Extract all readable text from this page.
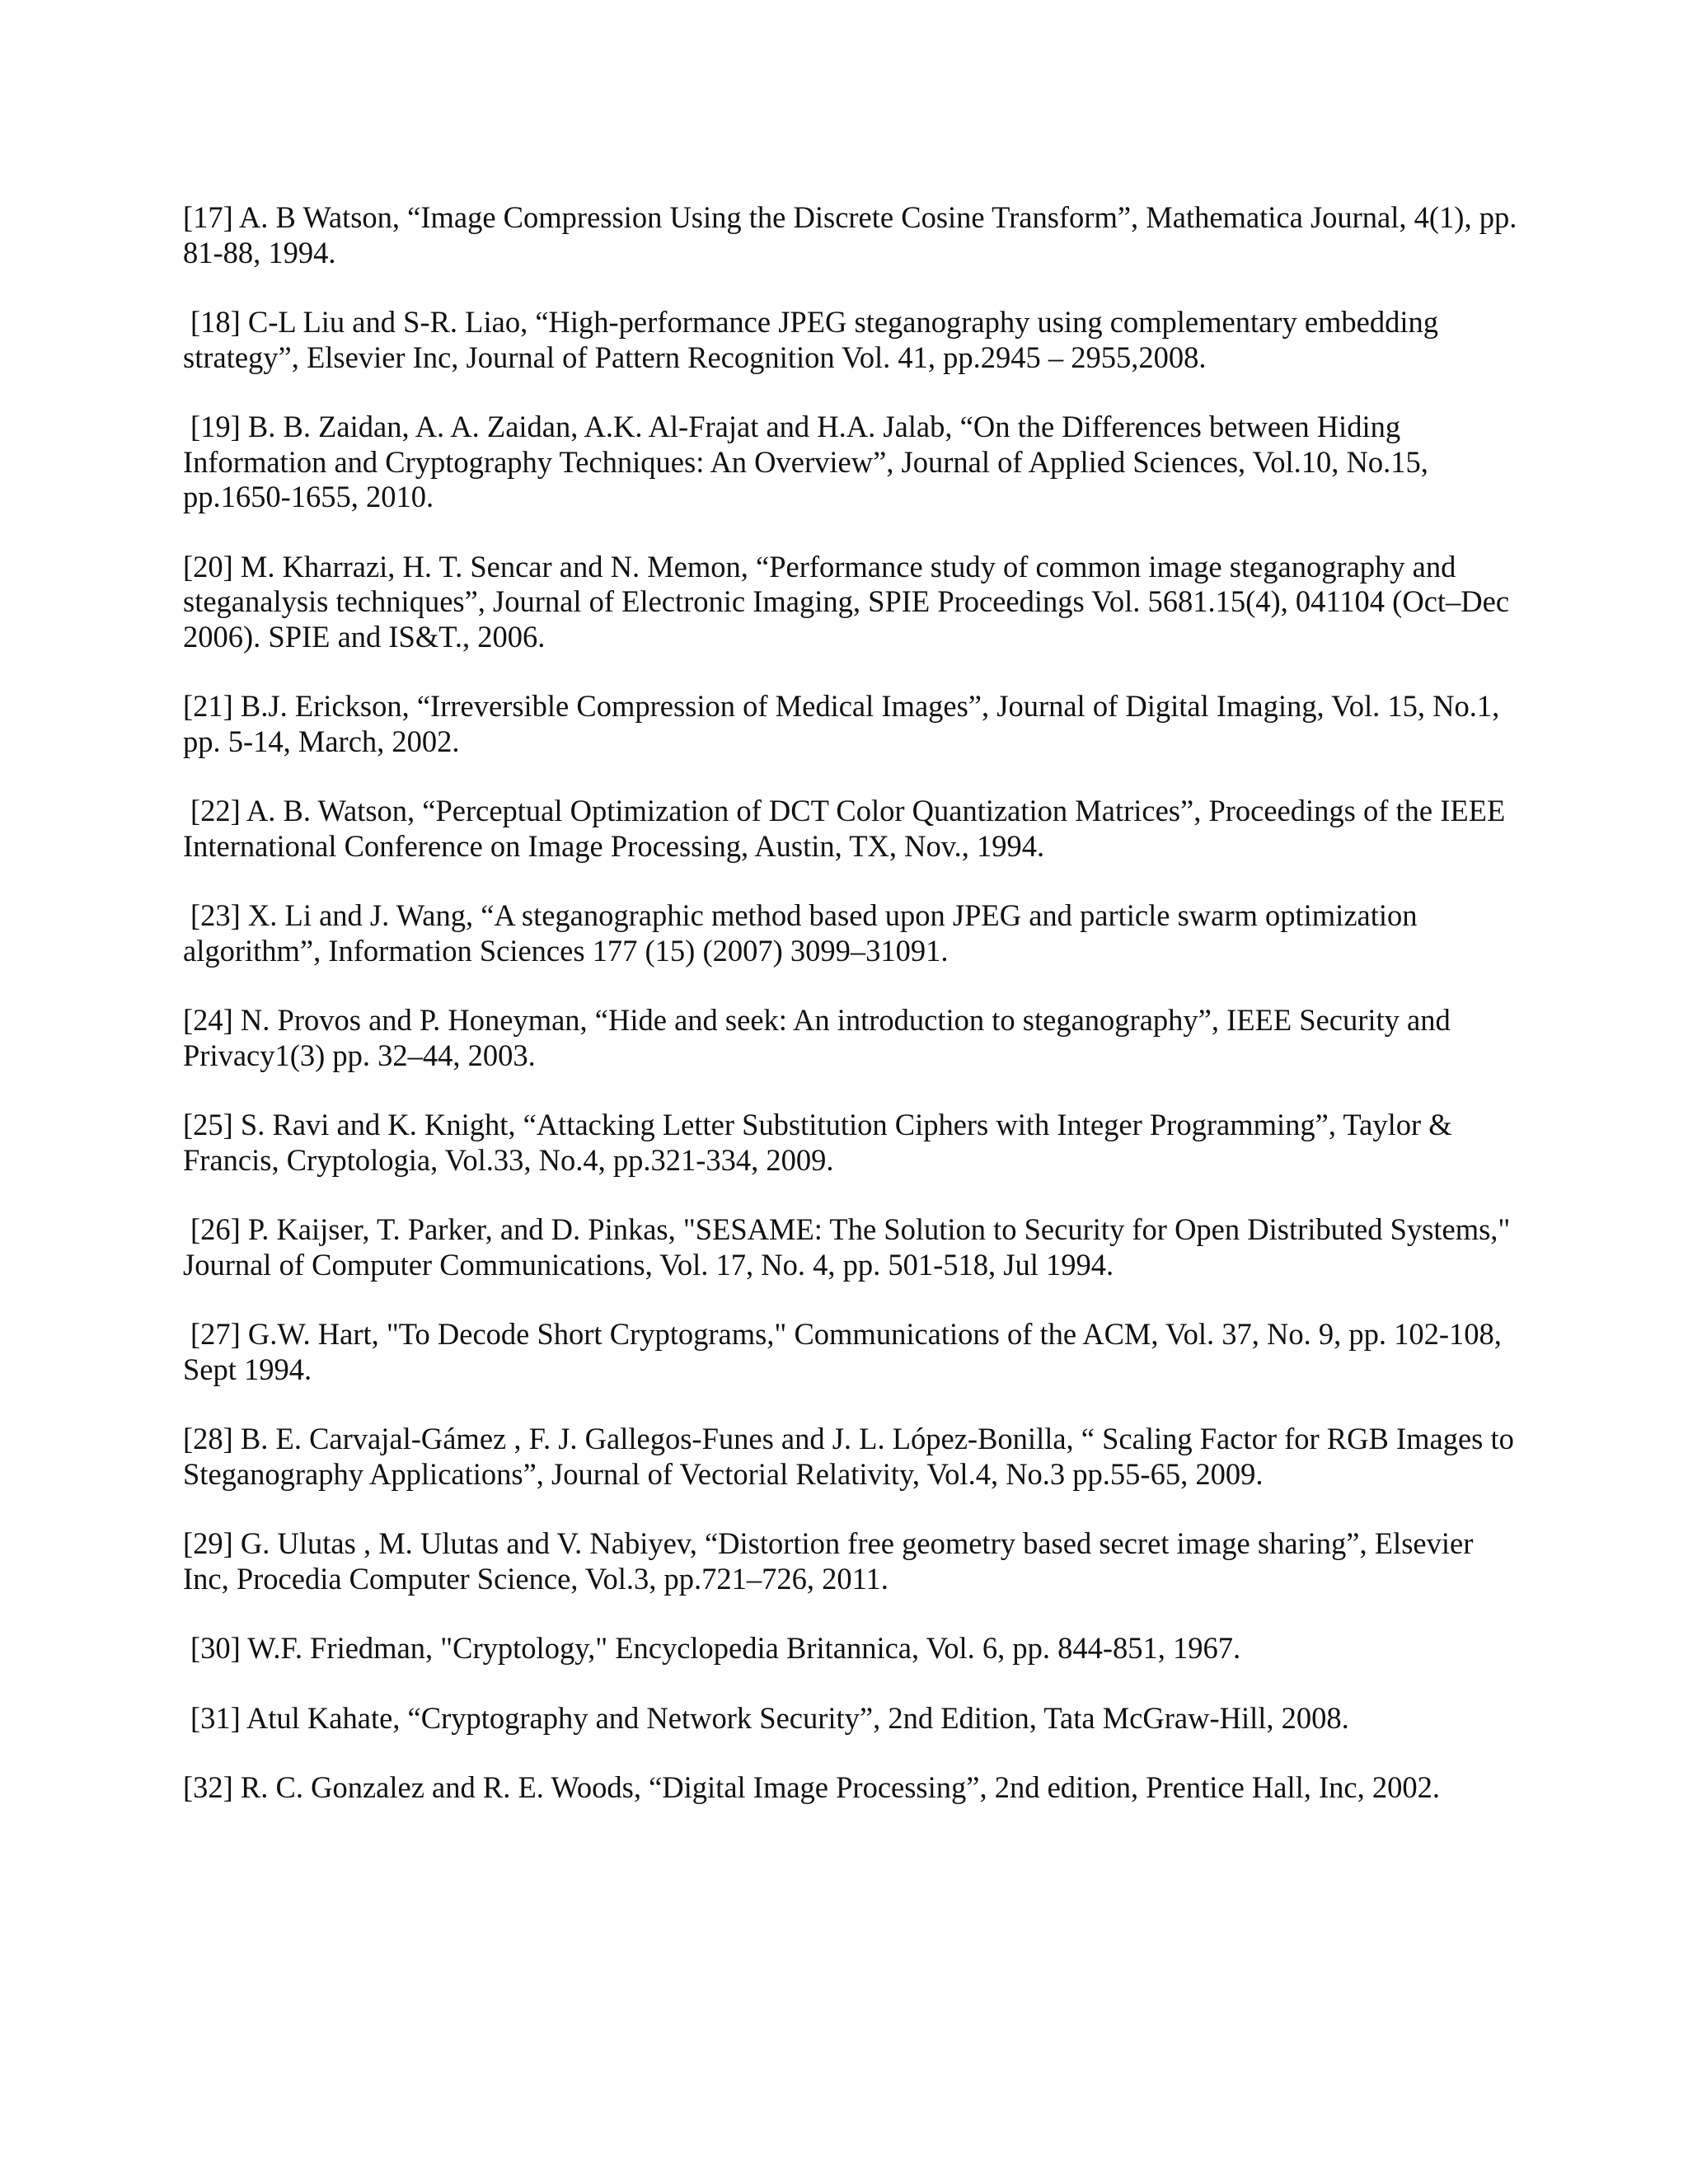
[17] A. B Watson, “Image Compression Using the Discrete Cosine Transform”, Mathematica Journal, 4(1), pp. 81-88, 1994.

[18] C-L Liu and S-R. Liao, “High-performance JPEG steganography using complementary embedding strategy”, Elsevier Inc, Journal of Pattern Recognition Vol. 41, pp.2945 – 2955,2008.

[19] B. B. Zaidan, A. A. Zaidan, A.K. Al-Frajat and H.A. Jalab, “On the Differences between Hiding Information and Cryptography Techniques: An Overview”, Journal of Applied Sciences, Vol.10, No.15, pp.1650-1655, 2010.

[20] M. Kharrazi, H. T. Sencar and N. Memon, “Performance study of common image steganography and steganalysis techniques”, Journal of Electronic Imaging, SPIE Proceedings Vol. 5681.15(4), 041104 (Oct–Dec 2006). SPIE and IS&T., 2006.

[21] B.J. Erickson, “Irreversible Compression of Medical Images”, Journal of Digital Imaging, Vol. 15, No.1, pp. 5-14, March, 2002.

[22] A. B. Watson, “Perceptual Optimization of DCT Color Quantization Matrices”, Proceedings of the IEEE International Conference on Image Processing, Austin, TX, Nov., 1994.

[23] X. Li and J. Wang, “A steganographic method based upon JPEG and particle swarm optimization algorithm”, Information Sciences 177 (15) (2007) 3099–31091.

[24] N. Provos and P. Honeyman, “Hide and seek: An introduction to steganography”, IEEE Security and Privacy1(3) pp. 32–44, 2003.

[25] S. Ravi and K. Knight, “Attacking Letter Substitution Ciphers with Integer Programming”, Taylor & Francis, Cryptologia, Vol.33, No.4, pp.321-334, 2009.

[26] P. Kaijser, T. Parker, and D. Pinkas, "SESAME: The Solution to Security for Open Distributed Systems," Journal of Computer Communications, Vol. 17, No. 4, pp. 501-518, Jul 1994.

[27] G.W. Hart, "To Decode Short Cryptograms," Communications of the ACM, Vol. 37, No. 9, pp. 102-108, Sept 1994.

[28] B. E. Carvajal-Gámez , F. J. Gallegos-Funes and J. L. López-Bonilla, “ Scaling Factor for RGB Images to Steganography Applications”, Journal of Vectorial Relativity, Vol.4, No.3 pp.55-65, 2009.

[29] G. Ulutas , M. Ulutas and V. Nabiyev, “Distortion free geometry based secret image sharing”, Elsevier Inc, Procedia Computer Science, Vol.3, pp.721–726, 2011.

[30] W.F. Friedman, "Cryptology," Encyclopedia Britannica, Vol. 6, pp. 844-851, 1967.

[31] Atul Kahate, “Cryptography and Network Security”, 2nd Edition, Tata McGraw-Hill, 2008.

[32] R. C. Gonzalez and R. E. Woods, “Digital Image Processing”, 2nd edition, Prentice Hall, Inc, 2002.
